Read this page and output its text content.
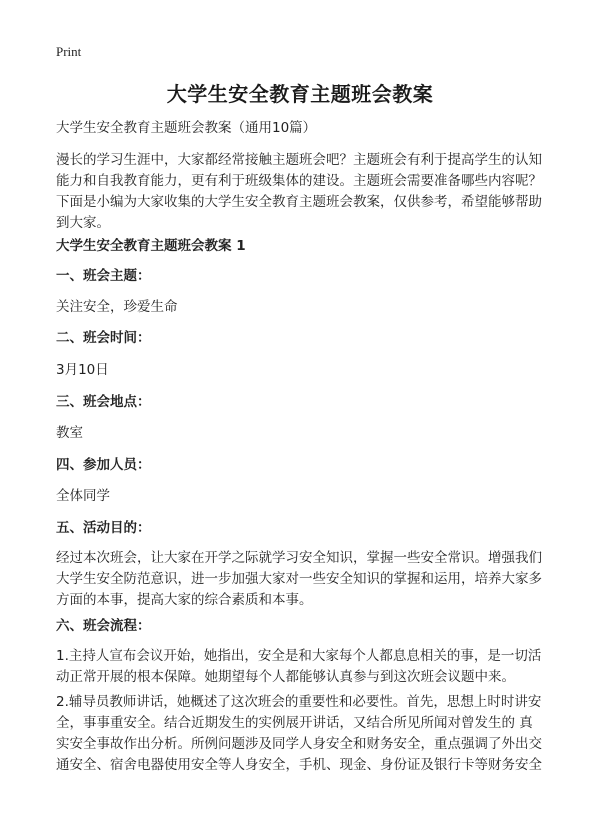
Print
大学生安全教育主题班会教案
大学生安全教育主题班会教案（通用10篇）
漫长的学习生涯中，大家都经常接触主题班会吧？主题班会有利于提高学生的认知
能力和自我教育能力，更有利于班级集体的建设。主题班会需要准备哪些内容呢？
下面是小编为大家收集的大学生安全教育主题班会教案，仅供参考，希望能够帮助
到大家。
大学生安全教育主题班会教案 1
一、班会主题：
关注安全，珍爱生命
二、班会时间：
3月10日
三、班会地点：
教室
四、参加人员：
全体同学
五、活动目的：
经过本次班会，让大家在开学之际就学习安全知识，掌握一些安全常识。增强我们
大学生安全防范意识，进一步加强大家对一些安全知识的掌握和运用，培养大家多
方面的本事，提高大家的综合素质和本事。
六、班会流程：
1.主持人宣布会议开始，她指出，安全是和大家每个人都息息相关的事，是一切活
动正常开展的根本保障。她期望每个人都能够认真参与到这次班会议题中来。
2.辅导员教师讲话，她概述了这次班会的重要性和必要性。首先，思想上时时讲安
全，事事重安全。结合近期发生的实例展开讲话，又结合所见所闻对曾发生的 真
实安全事故作出分析。所例问题涉及同学人身安全和财务安全，重点强调了外出交
通安全、宿舍电器使用安全等人身安全，手机、现金、身份证及银行卡等财务安全
